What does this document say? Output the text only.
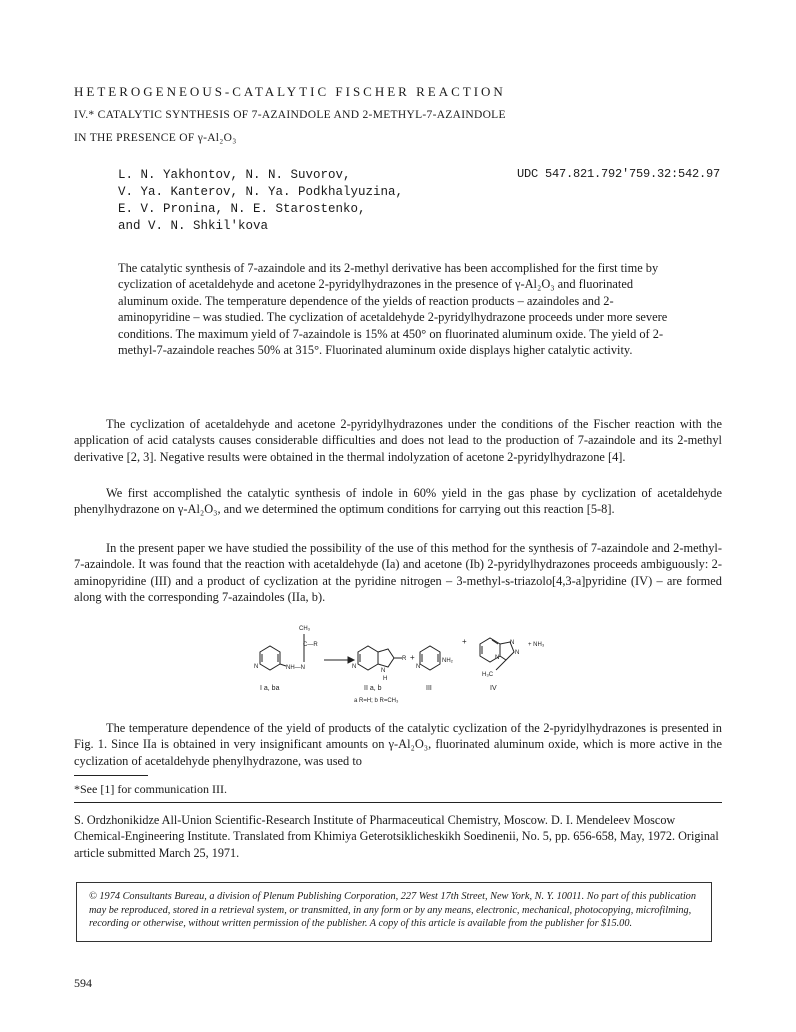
HETEROGENEOUS-CATALYTIC FISCHER REACTION
IV.* CATALYTIC SYNTHESIS OF 7-AZAINDOLE AND 2-METHYL-7-AZAINDOLE
IN THE PRESENCE OF γ-Al₂O₃
L. N. Yakhontov, N. N. Suvorov,
V. Ya. Kanterov, N. Ya. Podkhalyuzina,
E. V. Pronina, N. E. Starostenko,
and V. N. Shkil'kova
UDC 547.821.792'759.32:542.97
The catalytic synthesis of 7-azaindole and its 2-methyl derivative has been accomplished for the first time by cyclization of acetaldehyde and acetone 2-pyridylhydrazones in the presence of γ-Al₂O₃ and fluorinated aluminum oxide. The temperature dependence of the yields of reaction products – azaindoles and 2-aminopyridine – was studied. The cyclization of acetaldehyde 2-pyridylhydrazone proceeds under more severe conditions. The maximum yield of 7-azaindole is 15% at 450° on fluorinated aluminum oxide. The yield of 2-methyl-7-azaindole reaches 50% at 315°. Fluorinated aluminum oxide displays higher catalytic activity.

The cyclization of acetaldehyde and acetone 2-pyridylhydrazones under the conditions of the Fischer reaction with the application of acid catalysts causes considerable difficulties and does not lead to the production of 7-azaindole and its 2-methyl derivative [2, 3]. Negative results were obtained in the thermal indolyzation of acetone 2-pyridylhydrazone [4].

We first accomplished the catalytic synthesis of indole in 60% yield in the gas phase by cyclization of acetaldehyde phenylhydrazone on γ-Al₂O₃, and we determined the optimum conditions for carrying out this reaction [5-8].

In the present paper we have studied the possibility of the use of this method for the synthesis of 7-azaindole and 2-methyl-7-azaindole. It was found that the reaction with acetaldehyde (Ia) and acetone (Ib) 2-pyridylhydrazones proceeds ambiguously: 2-aminopyridine (III) and a product of cyclization at the pyridine nitrogen – 3-methyl-s-triazolo[4,3-a]pyridine (IV) – are formed along with the corresponding 7-azaindoles (IIa, b).

N	NH—N
CH₃
C—R
N
N
H
R +
N
NH₂
+
N
N
N
H₃C
+ NH₃
I a, ba	II a, b	III	IV
a R=H; b R=CH₃

The temperature dependence of the yield of products of the catalytic cyclization of the 2-pyridylhydrazones is presented in Fig. 1. Since IIa is obtained in very insignificant amounts on γ-Al₂O₃, fluorinated aluminum oxide, which is more active in the cyclization of acetaldehyde phenylhydrazone, was used to

*See [1] for communication III.
S. Ordzhonikidze All-Union Scientific-Research Institute of Pharmaceutical Chemistry, Moscow. D. I. Mendeleev Moscow Chemical-Engineering Institute. Translated from Khimiya Geterotsiklicheskikh Soedinenii, No. 5, pp. 656-658, May, 1972. Original article submitted March 25, 1971.
© 1974 Consultants Bureau, a division of Plenum Publishing Corporation, 227 West 17th Street, New York, N. Y. 10011. No part of this publication may be reproduced, stored in a retrieval system, or transmitted, in any form or by any means, electronic, mechanical, photocopying, microfilming, recording or otherwise, without written permission of the publisher. A copy of this article is available from the publisher for $15.00.
594
